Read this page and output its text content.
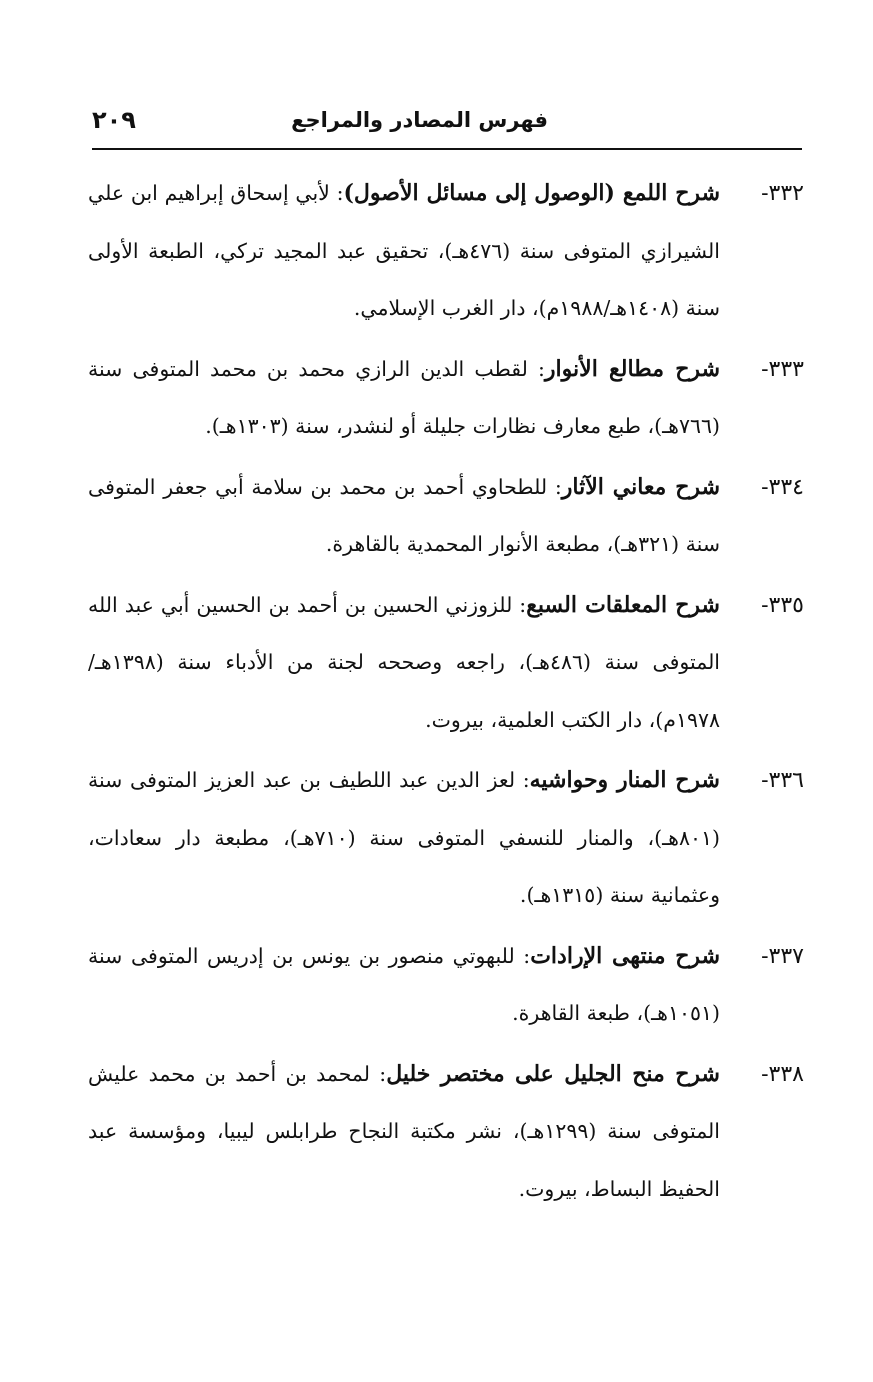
فهرس المصادر والمراجع
٢٠٩

٣٣٢-
شرح اللمع (الوصول إلى مسائل الأصول): لأبي إسحاق إبراهيم ابن علي الشيرازي المتوفى سنة (٤٧٦هـ)، تحقيق عبد المجيد تركي، الطبعة الأولى سنة (١٤٠٨هـ/١٩٨٨م)، دار الغرب الإسلامي.

٣٣٣-
شرح مطالع الأنوار: لقطب الدين الرازي محمد بن محمد المتوفى سنة (٧٦٦هـ)، طبع معارف نظارات جليلة أو لنشدر، سنة (١٣٠٣هـ).

٣٣٤-
شرح معاني الآثار: للطحاوي أحمد بن محمد بن سلامة أبي جعفر المتوفى سنة (٣٢١هـ)، مطبعة الأنوار المحمدية بالقاهرة.

٣٣٥-
شرح المعلقات السبع: للزوزني الحسين بن أحمد بن الحسين أبي عبد الله المتوفى سنة (٤٨٦هـ)، راجعه وصححه لجنة من الأدباء سنة (١٣٩٨هـ/١٩٧٨م)، دار الكتب العلمية، بيروت.

٣٣٦-
شرح المنار وحواشيه: لعز الدين عبد اللطيف بن عبد العزيز المتوفى سنة (٨٠١هـ)، والمنار للنسفي المتوفى سنة (٧١٠هـ)، مطبعة دار سعادات، وعثمانية سنة (١٣١٥هـ).

٣٣٧-
شرح منتهى الإرادات: للبهوتي منصور بن يونس بن إدريس المتوفى سنة (١٠٥١هـ)، طبعة القاهرة.

٣٣٨-
شرح منح الجليل على مختصر خليل: لمحمد بن أحمد بن محمد عليش المتوفى سنة (١٢٩٩هـ)، نشر مكتبة النجاح طرابلس ليبيا، ومؤسسة عبد الحفيظ البساط، بيروت.
